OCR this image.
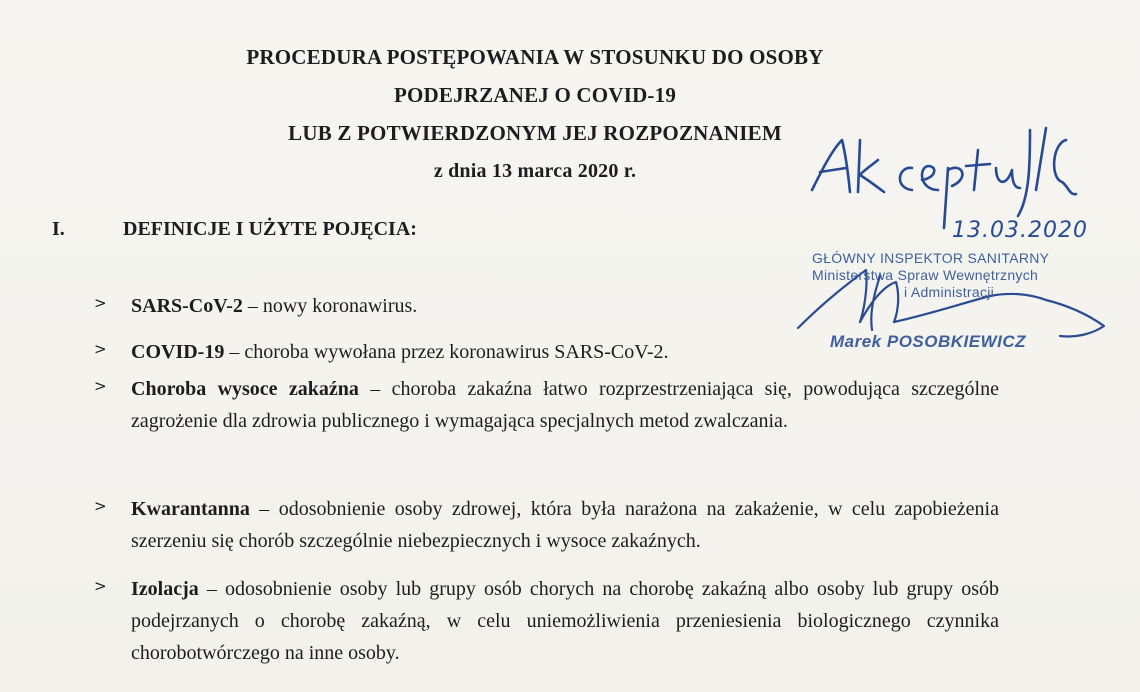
PROCEDURA POSTĘPOWANIA W STOSUNKU DO OSOBY
PODEJRZANEJ O COVID-19
LUB Z POTWIERDZONYM JEJ ROZPOZNANIEM
z dnia 13 marca 2020 r.
I.	DEFINICJE I UŻYTE POJĘCIA:
> SARS-CoV-2 – nowy koronawirus.
> COVID-19 – choroba wywołana przez koronawirus SARS-CoV-2.
> Choroba wysoce zakaźna – choroba zakaźna łatwo rozprzestrzeniająca się, powodująca szczególne zagrożenie dla zdrowia publicznego i wymagająca specjalnych metod zwalczania.
> Kwarantanna – odosobnienie osoby zdrowej, która była narażona na zakażenie, w celu zapobieżenia szerzeniu się chorób szczególnie niebezpiecznych i wysoce zakaźnych.
> Izolacja – odosobnienie osoby lub grupy osób chorych na chorobę zakaźną albo osoby lub grupy osób podejrzanych o chorobę zakaźną, w celu uniemożliwienia przeniesienia biologicznego czynnika chorobotwórczego na inne osoby.
13.03.2020
GŁÓWNY INSPEKTOR SANITARNY
Ministerstwa Spraw Wewnętrznych
i Administracji
Marek POSOBKIEWICZ
